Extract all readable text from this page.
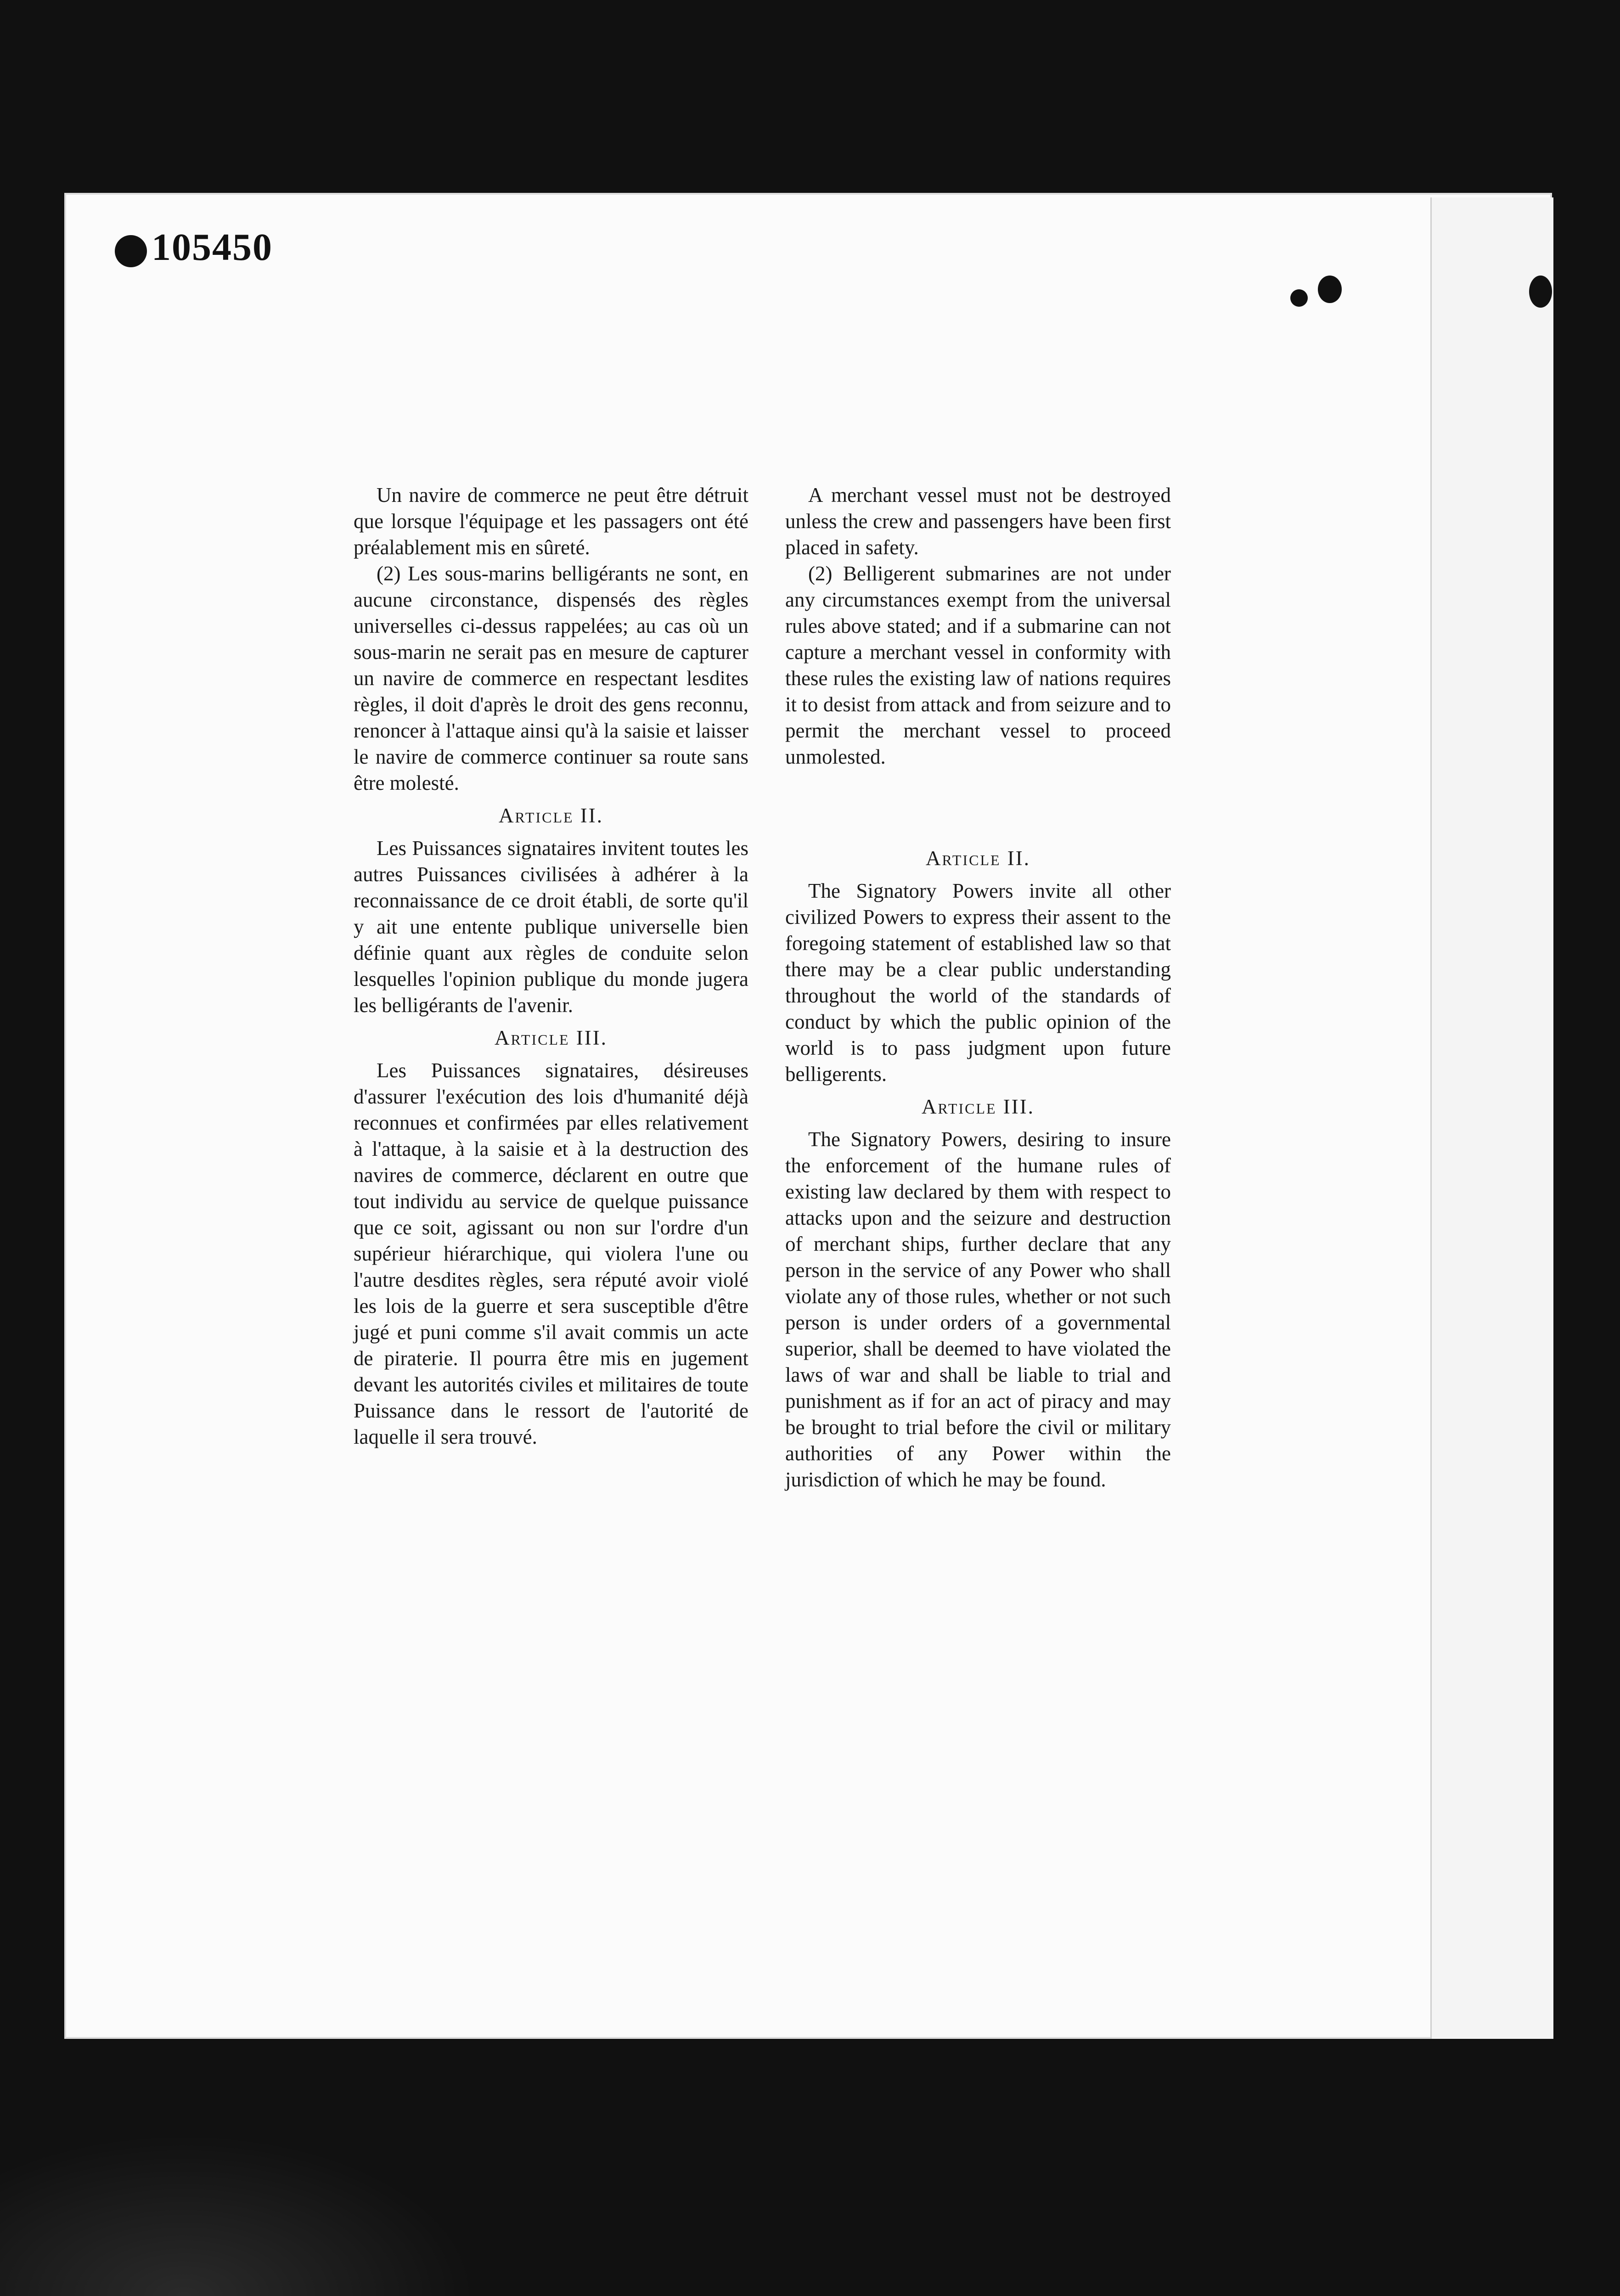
105450

Un navire de commerce ne peut être détruit que lorsque l'équipage et les passagers ont été préalablement mis en sûreté.

(2) Les sous-marins belligérants ne sont, en aucune circonstance, dispensés des règles universelles ci-dessus rappelées; au cas où un sous-marin ne serait pas en mesure de capturer un navire de commerce en respectant lesdites règles, il doit d'après le droit des gens reconnu, renoncer à l'attaque ainsi qu'à la saisie et laisser le navire de commerce continuer sa route sans être molesté.

Article II.

Les Puissances signataires invitent toutes les autres Puissances civilisées à adhérer à la reconnaissance de ce droit établi, de sorte qu'il y ait une entente publique universelle bien définie quant aux règles de conduite selon lesquelles l'opinion publique du monde jugera les belligérants de l'avenir.

Article III.

Les Puissances signataires, désireuses d'assurer l'exécution des lois d'humanité déjà reconnues et confirmées par elles relativement à l'attaque, à la saisie et à la destruction des navires de commerce, déclarent en outre que tout individu au service de quelque puissance que ce soit, agissant ou non sur l'ordre d'un supérieur hiérarchique, qui violera l'une ou l'autre desdites règles, sera réputé avoir violé les lois de la guerre et sera susceptible d'être jugé et puni comme s'il avait commis un acte de piraterie. Il pourra être mis en jugement devant les autorités civiles et militaires de toute Puissance dans le ressort de l'autorité de laquelle il sera trouvé.

A merchant vessel must not be destroyed unless the crew and passengers have been first placed in safety.

(2) Belligerent submarines are not under any circumstances exempt from the universal rules above stated; and if a submarine can not capture a merchant vessel in conformity with these rules the existing law of nations requires it to desist from attack and from seizure and to permit the merchant vessel to proceed unmolested.

Article II.

The Signatory Powers invite all other civilized Powers to express their assent to the foregoing statement of established law so that there may be a clear public understanding throughout the world of the standards of conduct by which the public opinion of the world is to pass judgment upon future belligerents.

Article III.

The Signatory Powers, desiring to insure the enforcement of the humane rules of existing law declared by them with respect to attacks upon and the seizure and destruction of merchant ships, further declare that any person in the service of any Power who shall violate any of those rules, whether or not such person is under orders of a governmental superior, shall be deemed to have violated the laws of war and shall be liable to trial and punishment as if for an act of piracy and may be brought to trial before the civil or military authorities of any Power within the jurisdiction of which he may be found.
